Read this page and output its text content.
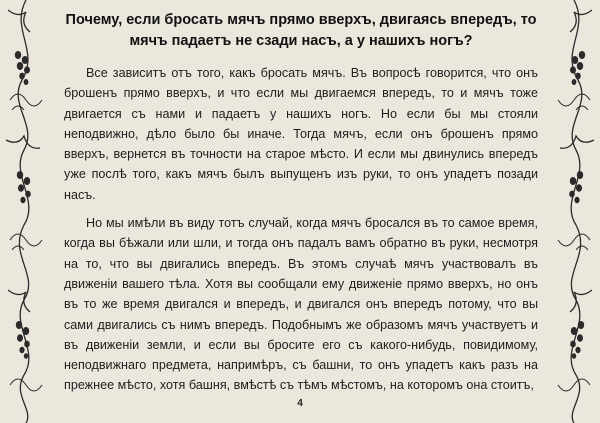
Почему, если бросать мячъ прямо вверхъ, двигаясь впередъ, то мячъ падаетъ не сзади насъ, а у нашихъ ногъ?

Все зависитъ отъ того, какъ бросать мячъ. Въ вопросѣ говорится, что онъ брошенъ прямо вверхъ, и что если мы двигаемся впередъ, то и мячъ тоже двигается съ нами и падаетъ у нашихъ ногъ. Но если бы мы стояли неподвижно, дѣло было бы иначе. Тогда мячъ, если онъ брошенъ прямо вверхъ, вернется въ точности на старое мѣсто. И если мы двинулись впередъ уже послѣ того, какъ мячъ былъ выпущенъ изъ руки, то онъ упадетъ позади насъ.

Но мы имѣли въ виду тотъ случай, когда мячъ бросался въ то самое время, когда вы бѣжали или шли, и тогда онъ падалъ вамъ обратно въ руки, несмотря на то, что вы двигались впередъ. Въ этомъ случаѣ мячъ участвовалъ въ движенiи вашего тѣла. Хотя вы сообщали ему движенiе прямо вверхъ, но онъ въ то же время двигался и впередъ, и двигался онъ впередъ потому, что вы сами двигались съ нимъ впередъ. Подобнымъ же образомъ мячъ участвуетъ и въ движенiи земли, и если вы бросите его съ какого-нибудь, повидимому, неподвижнаго предмета, напримѣръ, съ башни, то онъ упадетъ какъ разъ на прежнее мѣсто, хотя башня, вмѣстѣ съ тѣмъ мѣстомъ, на которомъ она стоитъ,

4
